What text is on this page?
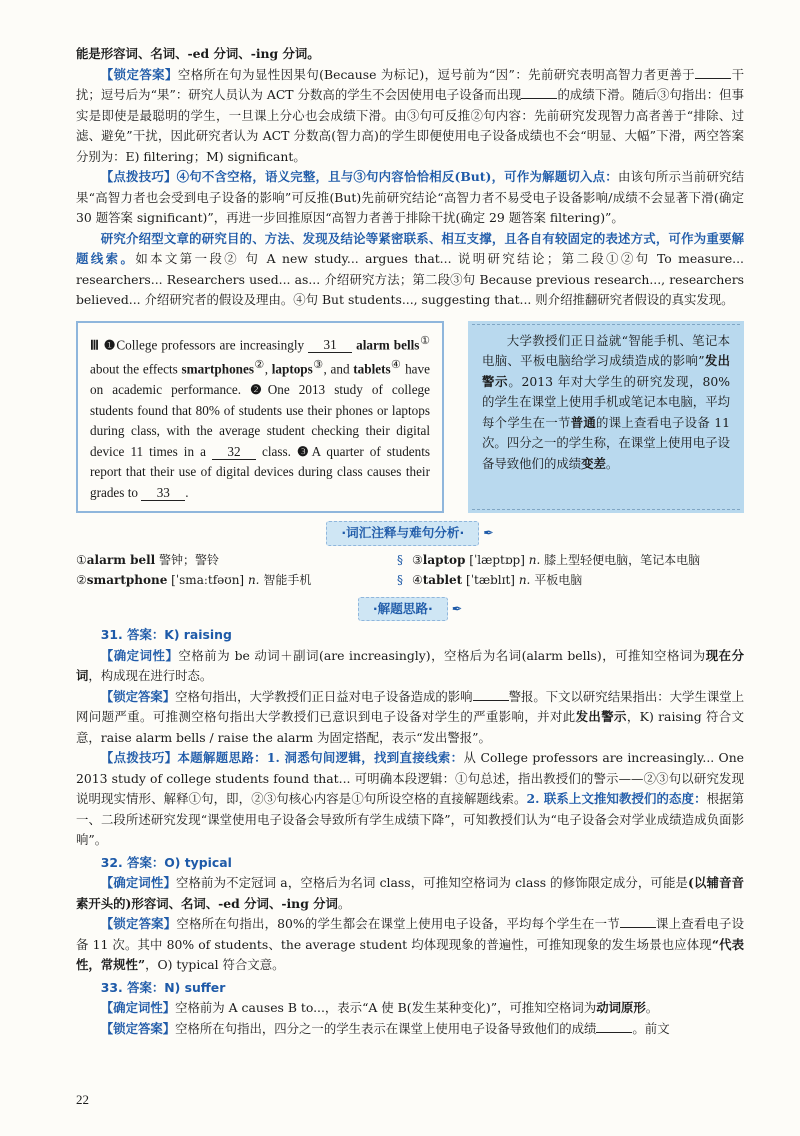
能是形容词、名词、-ed 分词、-ing 分词。

【锁定答案】空格所在句为显性因果句(Because 为标记)，逗号前为“因”：先前研究表明高智力者更善于	干扰；逗号后为“果”：研究人员认为 ACT 分数高的学生不会因使用电子设备而出现	的成绩下滑。随后③句指出：但事实是即使是最聪明的学生，一旦课上分心也会成绩下滑。由③句可反推②句内容：先前研究发现智力高者善于“排除、过滤、避免”干扰，因此研究者认为 ACT 分数高(智力高)的学生即便使用电子设备成绩也不会“明显、大幅”下滑，两空答案分别为：E) filtering；M) significant。

【点拨技巧】④句不含空格，语义完整，且与③句内容恰恰相反(But)，可作为解题切入点：由该句所示当前研究结果“高智力者也会受到电子设备的影响”可反推(But)先前研究结论“高智力者不易受电子设备影响/成绩不会显著下滑(确定 30 题答案 significant)”，再进一步回推原因“高智力者善于排除干扰(确定 29 题答案 filtering)”。

研究介绍型文章的研究目的、方法、发现及结论等紧密联系、相互支撑，且各自有较固定的表述方式，可作为重要解题线索。如本文第一段② 句 A new study... argues that... 说明研究结论；第二段①②句 To measure... researchers... Researchers used... as... 介绍研究方法；第二段③句 Because previous research..., researchers believed... 介绍研究者的假设及理由。④句 But students..., suggesting that... 则介绍推翻研究者假设的真实发现。

Ⅲ ❶College professors are increasingly 31 alarm bells① about the effects smartphones②, laptops③, and tablets④ have on academic performance. ❷One 2013 study of college students found that 80% of students use their phones or laptops during class, with the average student checking their digital device 11 times in a 32 class. ❸A quarter of students report that their use of digital devices during class causes their grades to 33 .
大学教授们正日益就“智能手机、笔记本电脑、平板电脑给学习成绩造成的影响”发出警示。2013 年对大学生的研究发现，80%的学生在课堂上使用手机或笔记本电脑，平均每个学生在一节普通的课上查看电子设备 11 次。四分之一的学生称，在课堂上使用电子设备导致他们的成绩变差。
·词汇注释与难句分析· ✒
①alarm bell 警钟；警铃	§ ③laptop [ˈlæptɒp] n. 膝上型轻便电脑，笔记本电脑
②smartphone [ˈsmaːtfəʊn] n. 智能手机	§ ④tablet [ˈtæblɪt] n. 平板电脑
·解题思路· ✒

31. 答案：K) raising

【确定词性】空格前为 be 动词＋副词(are increasingly)，空格后为名词(alarm bells)，可推知空格词为现在分词，构成现在进行时态。

【锁定答案】空格句指出，大学教授们正日益对电子设备造成的影响	警报。下文以研究结果指出：大学生课堂上网问题严重。可推测空格句指出大学教授们已意识到电子设备对学生的严重影响，并对此发出警示，K) raising 符合文意，raise alarm bells / raise the alarm 为固定搭配，表示“发出警报”。

【点拨技巧】本题解题思路：1. 洞悉句间逻辑，找到直接线索：从 College professors are increasingly... One 2013 study of college students found that... 可明确本段逻辑：①句总述，指出教授们的警示——②③句以研究发现说明现实情形、解释①句，即，②③句核心内容是①句所设空格的直接解题线索。2. 联系上文推知教授们的态度：根据第一、二段所述研究发现“课堂使用电子设备会导致所有学生成绩下降”，可知教授们认为“电子设备会对学业成绩造成负面影响”。

32. 答案：O) typical

【确定词性】空格前为不定冠词 a，空格后为名词 class，可推知空格词为 class 的修饰限定成分，可能是(以辅音音素开头的)形容词、名词、-ed 分词、-ing 分词。

【锁定答案】空格所在句指出，80%的学生都会在课堂上使用电子设备，平均每个学生在一节	课上查看电子设备 11 次。其中 80% of students、the average student 均体现现象的普遍性，可推知现象的发生场景也应体现“代表性，常规性”，O) typical 符合文意。

33. 答案：N) suffer

【确定词性】空格前为 A causes B to...，表示“A 使 B(发生某种变化)”，可推知空格词为动词原形。

【锁定答案】空格所在句指出，四分之一的学生表示在课堂上使用电子设备导致他们的成绩	。前文

22
